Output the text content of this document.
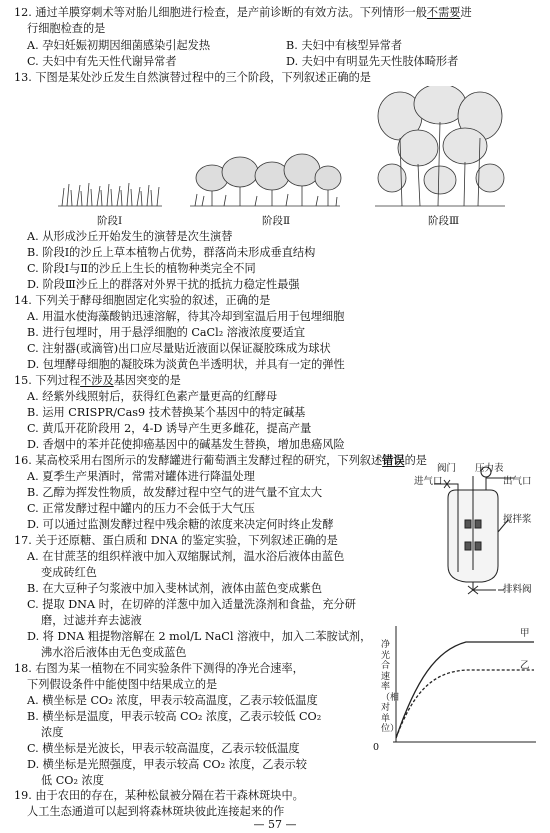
12. 通过羊膜穿刺术等对胎儿细胞进行检查，是产前诊断的有效方法。下列情形一般不需要进
行细胞检查的是
A. 孕妇妊娠初期因细菌感染引起发热	B. 夫妇中有核型异常者
C. 夫妇中有先天性代谢异常者	D. 夫妇中有明显先天性肢体畸形者
13. 下图是某处沙丘发生自然演替过程中的三个阶段，下列叙述正确的是
阶段Ⅰ	阶段Ⅱ	阶段Ⅲ
A. 从形成沙丘开始发生的演替是次生演替
B. 阶段Ⅰ的沙丘上草本植物占优势，群落尚未形成垂直结构
C. 阶段Ⅰ与Ⅱ的沙丘上生长的植物种类完全不同
D. 阶段Ⅲ沙丘上的群落对外界干扰的抵抗力稳定性最强
14. 下列关于酵母细胞固定化实验的叙述，正确的是
A. 用温水使海藻酸钠迅速溶解，待其冷却到室温后用于包埋细胞
B. 进行包埋时，用于悬浮细胞的 CaCl₂ 溶液浓度要适宜
C. 注射器(或滴管)出口应尽量贴近液面以保证凝胶珠成为球状
D. 包埋酵母细胞的凝胶珠为淡黄色半透明状，并具有一定的弹性
15. 下列过程不涉及基因突变的是
A. 经紫外线照射后，获得红色素产量更高的红酵母
B. 运用 CRISPR/Cas9 技术替换某个基因中的特定碱基
C. 黄瓜开花阶段用 2，4-D 诱导产生更多雌花，提高产量
D. 香烟中的苯并芘使抑癌基因中的碱基发生替换，增加患癌风险
16. 某高校采用右图所示的发酵罐进行葡萄酒主发酵过程的研究，下列叙述错误的是
A. 夏季生产果酒时，常需对罐体进行降温处理
B. 乙醇为挥发性物质，故发酵过程中空气的进气量不宜太大
C. 正常发酵过程中罐内的压力不会低于大气压
D. 可以通过监测发酵过程中残余糖的浓度来决定何时终止发酵
阀门 压力表
进气口	出气口
搅拌浆
排料阀
17. 关于还原糖、蛋白质和 DNA 的鉴定实验，下列叙述正确的是
A. 在甘蔗茎的组织样液中加入双缩脲试剂，温水浴后液体由蓝色
变成砖红色
B. 在大豆种子匀浆液中加入斐林试剂，液体由蓝色变成紫色
C. 提取 DNA 时，在切碎的洋葱中加入适量洗涤剂和食盐，充分研
磨，过滤并弃去滤液
D. 将 DNA 粗提物溶解在 2 mol/L NaCl 溶液中，加入二苯胺试剂，
沸水浴后液体由无色变成蓝色
18. 右图为某一植物在不同实验条件下测得的净光合速率，
下列假设条件中能使图中结果成立的是
A. 横坐标是 CO₂ 浓度，甲表示较高温度，乙表示较低温度
B. 横坐标是温度，甲表示较高 CO₂ 浓度，乙表示较低 CO₂
浓度
C. 横坐标是光波长，甲表示较高温度，乙表示较低温度
D. 横坐标是光照强度，甲表示较高 CO₂ 浓度，乙表示较
低 CO₂ 浓度
0
甲
乙
净光合速率（相对单位）
19. 由于农田的存在，某种松鼠被分隔在若干森林斑块中。
人工生态通道可以起到将森林斑块彼此连接起来的作
— 57 —
